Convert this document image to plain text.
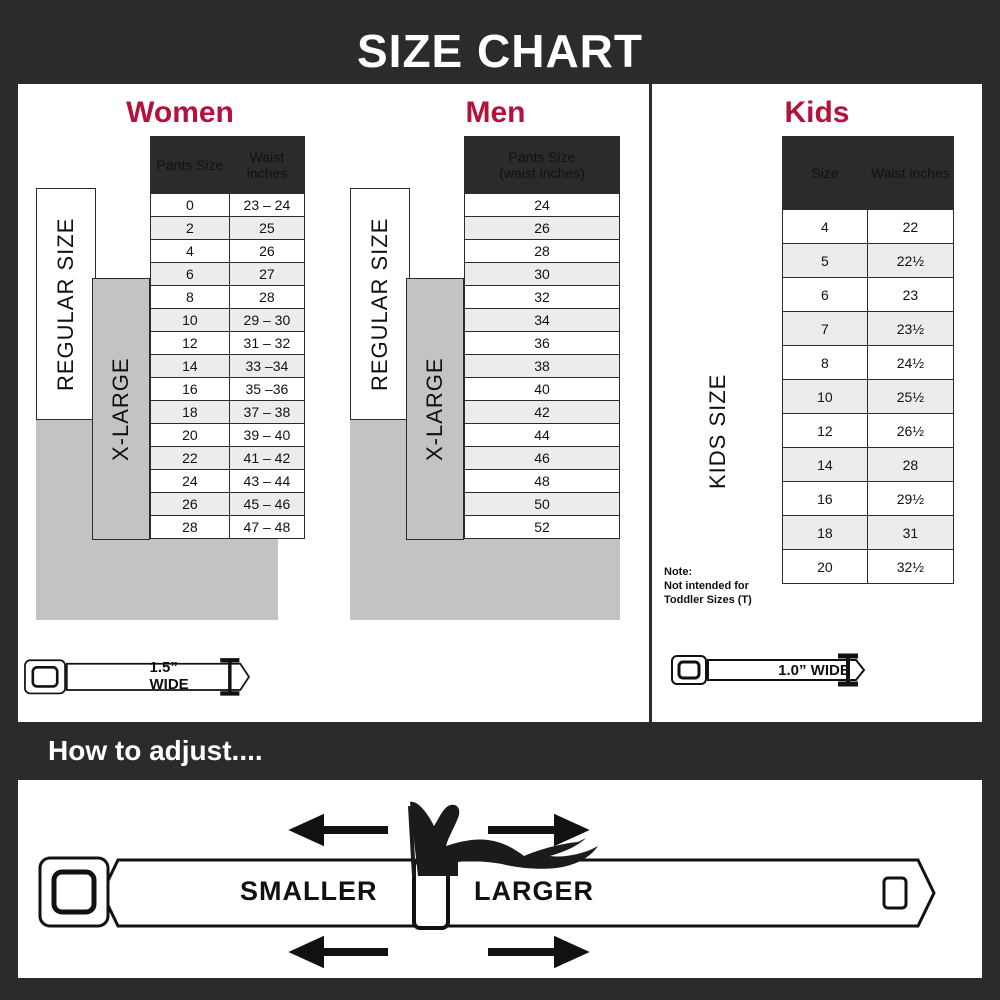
SIZE CHART
Women
REGULAR SIZE
X-LARGE
Pants Size	Waist inches
0	23 – 24
2	25
4	26
6	27
8	28
10	29 – 30
12	31 – 32
14	33 –34
16	35 –36
18	37 – 38
20	39 – 40
22	41 – 42
24	43 – 44
26	45 – 46
28	47 – 48
1.5” WIDE
Men
REGULAR SIZE
X-LARGE
Pants Size
(waist inches)

24
26
28
30
32
34
36
38
40
42
44
46
48
50
52
Kids
KIDS SIZE
Note:
Not intended for
Toddler Sizes (T)
Size	Waist inches
4	22
5	22½
6	23
7	23½
8	24½
10	25½
12	26½
14	28
16	29½
18	31
20	32½
1.0” WIDE
How to adjust....
SMALLER	LARGER
